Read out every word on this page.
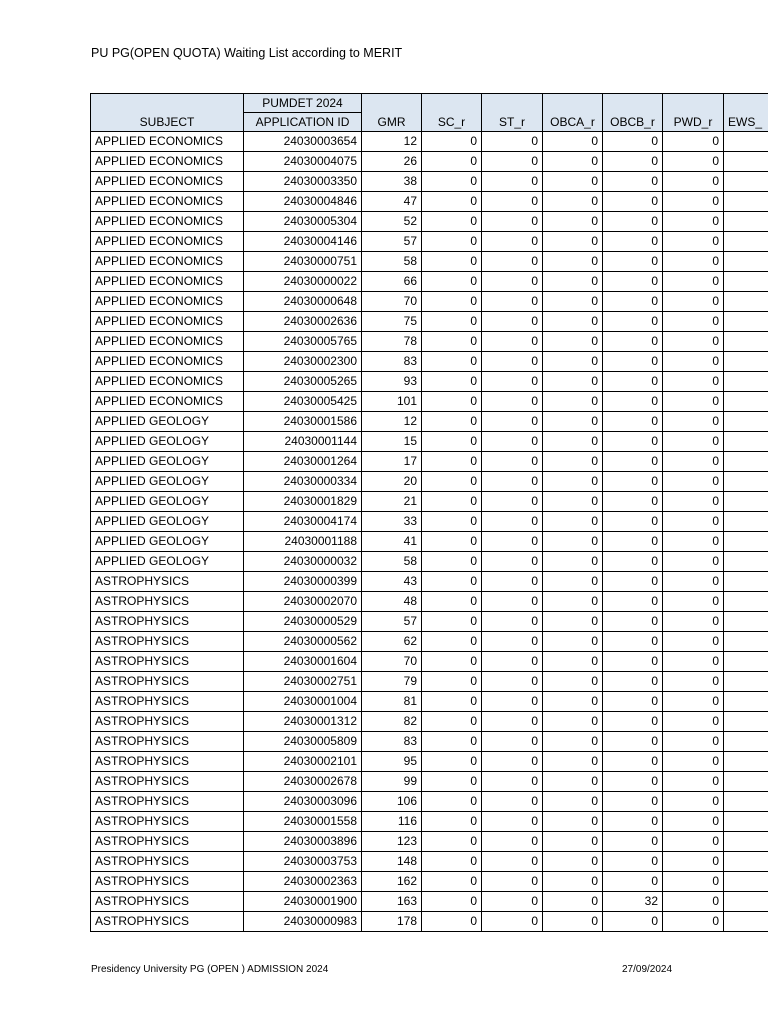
PU PG(OPEN QUOTA) Waiting List according to MERIT
SUBJECT	PUMDET 2024	GMR	SC_r	ST_r	OBCA_r	OBCB_r	PWD_r	EWS_
	APPLICATION ID							
APPLIED ECONOMICS	24030003654	12	0	0	0	0	0	
APPLIED ECONOMICS	24030004075	26	0	0	0	0	0	
APPLIED ECONOMICS	24030003350	38	0	0	0	0	0	
APPLIED ECONOMICS	24030004846	47	0	0	0	0	0	
APPLIED ECONOMICS	24030005304	52	0	0	0	0	0	
APPLIED ECONOMICS	24030004146	57	0	0	0	0	0	
APPLIED ECONOMICS	24030000751	58	0	0	0	0	0	
APPLIED ECONOMICS	24030000022	66	0	0	0	0	0	
APPLIED ECONOMICS	24030000648	70	0	0	0	0	0	
APPLIED ECONOMICS	24030002636	75	0	0	0	0	0	
APPLIED ECONOMICS	24030005765	78	0	0	0	0	0	
APPLIED ECONOMICS	24030002300	83	0	0	0	0	0	
APPLIED ECONOMICS	24030005265	93	0	0	0	0	0	
APPLIED ECONOMICS	24030005425	101	0	0	0	0	0	
APPLIED GEOLOGY	24030001586	12	0	0	0	0	0	
APPLIED GEOLOGY	24030001144	15	0	0	0	0	0	
APPLIED GEOLOGY	24030001264	17	0	0	0	0	0	
APPLIED GEOLOGY	24030000334	20	0	0	0	0	0	
APPLIED GEOLOGY	24030001829	21	0	0	0	0	0	
APPLIED GEOLOGY	24030004174	33	0	0	0	0	0	
APPLIED GEOLOGY	24030001188	41	0	0	0	0	0	
APPLIED GEOLOGY	24030000032	58	0	0	0	0	0	
ASTROPHYSICS	24030000399	43	0	0	0	0	0	
ASTROPHYSICS	24030002070	48	0	0	0	0	0	
ASTROPHYSICS	24030000529	57	0	0	0	0	0	
ASTROPHYSICS	24030000562	62	0	0	0	0	0	
ASTROPHYSICS	24030001604	70	0	0	0	0	0	
ASTROPHYSICS	24030002751	79	0	0	0	0	0	
ASTROPHYSICS	24030001004	81	0	0	0	0	0	
ASTROPHYSICS	24030001312	82	0	0	0	0	0	
ASTROPHYSICS	24030005809	83	0	0	0	0	0	
ASTROPHYSICS	24030002101	95	0	0	0	0	0	
ASTROPHYSICS	24030002678	99	0	0	0	0	0	
ASTROPHYSICS	24030003096	106	0	0	0	0	0	
ASTROPHYSICS	24030001558	116	0	0	0	0	0	
ASTROPHYSICS	24030003896	123	0	0	0	0	0	
ASTROPHYSICS	24030003753	148	0	0	0	0	0	
ASTROPHYSICS	24030002363	162	0	0	0	0	0	
ASTROPHYSICS	24030001900	163	0	0	0	32	0	
ASTROPHYSICS	24030000983	178	0	0	0	0	0	
Presidency University PG (OPEN ) ADMISSION 2024	27/09/2024
